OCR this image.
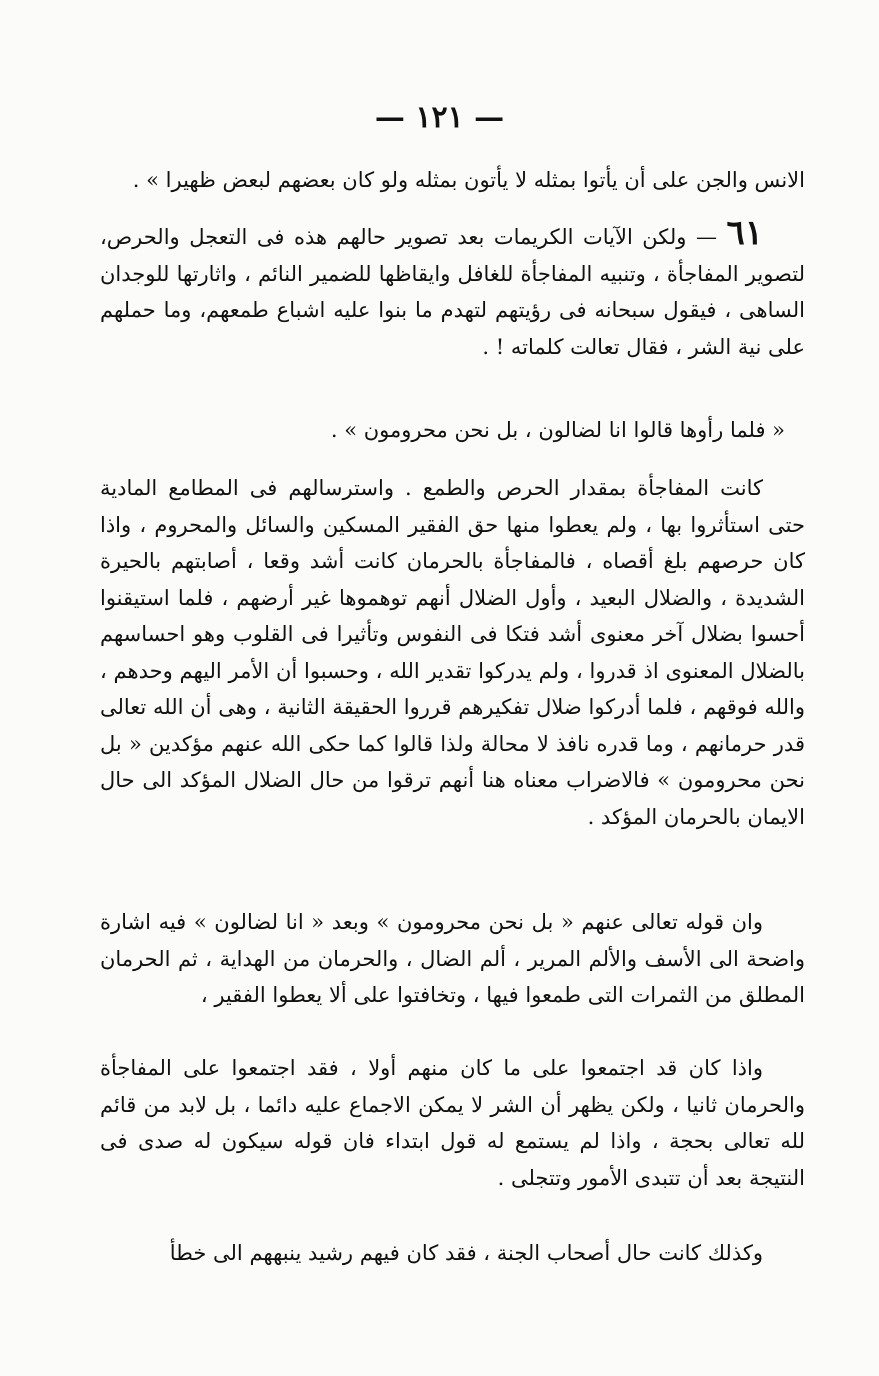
— ١٢١ —

الانس والجن على أن يأتوا بمثله لا يأتون بمثله ولو كان بعضهم لبعض ظهيرا » .

٦١ — ولكن الآيات الكريمات بعد تصوير حالهم هذه فى التعجل والحرص، لتصوير المفاجأة ، وتنبيه المفاجأة للغافل وايقاظها للضمير النائم ، واثارتها للوجدان الساهى ، فيقول سبحانه فى رؤيتهم لتهدم ما بنوا عليه اشباع طمعهم، وما حملهم على نية الشر ، فقال تعالت كلماته ! .

« فلما رأوها قالوا انا لضالون ، بل نحن محرومون » .

كانت المفاجأة بمقدار الحرص والطمع . واسترسالهم فى المطامع المادية حتى استأثروا بها ، ولم يعطوا منها حق الفقير المسكين والسائل والمحروم ، واذا كان حرصهم بلغ أقصاه ، فالمفاجأة بالحرمان كانت أشد وقعا ، أصابتهم بالحيرة الشديدة ، والضلال البعيد ، وأول الضلال أنهم توهموها غير أرضهم ، فلما استيقنوا أحسوا بضلال آخر معنوى أشد فتكا فى النفوس وتأثيرا فى القلوب وهو احساسهم بالضلال المعنوى اذ قدروا ، ولم يدركوا تقدير الله ، وحسبوا أن الأمر اليهم وحدهم ، والله فوقهم ، فلما أدركوا ضلال تفكيرهم قرروا الحقيقة الثانية ، وهى أن الله تعالى قدر حرمانهم ، وما قدره نافذ لا محالة ولذا قالوا كما حكى الله عنهم مؤكدين « بل نحن محرومون » فالاضراب معناه هنا أنهم ترقوا من حال الضلال المؤكد الى حال الايمان بالحرمان المؤكد .

وان قوله تعالى عنهم « بل نحن محرومون » وبعد « انا لضالون » فيه اشارة واضحة الى الأسف والألم المرير ، ألم الضال ، والحرمان من الهداية ، ثم الحرمان المطلق من الثمرات التى طمعوا فيها ، وتخافتوا على ألا يعطوا الفقير ،

واذا كان قد اجتمعوا على ما كان منهم أولا ، فقد اجتمعوا على المفاجأة والحرمان ثانيا ، ولكن يظهر أن الشر لا يمكن الاجماع عليه دائما ، بل لابد من قائم لله تعالى بحجة ، واذا لم يستمع له قول ابتداء فان قوله سيكون له صدى فى النتيجة بعد أن تتبدى الأمور وتتجلى .

وكذلك كانت حال أصحاب الجنة ، فقد كان فيهم رشيد ينبههم الى خطأ
